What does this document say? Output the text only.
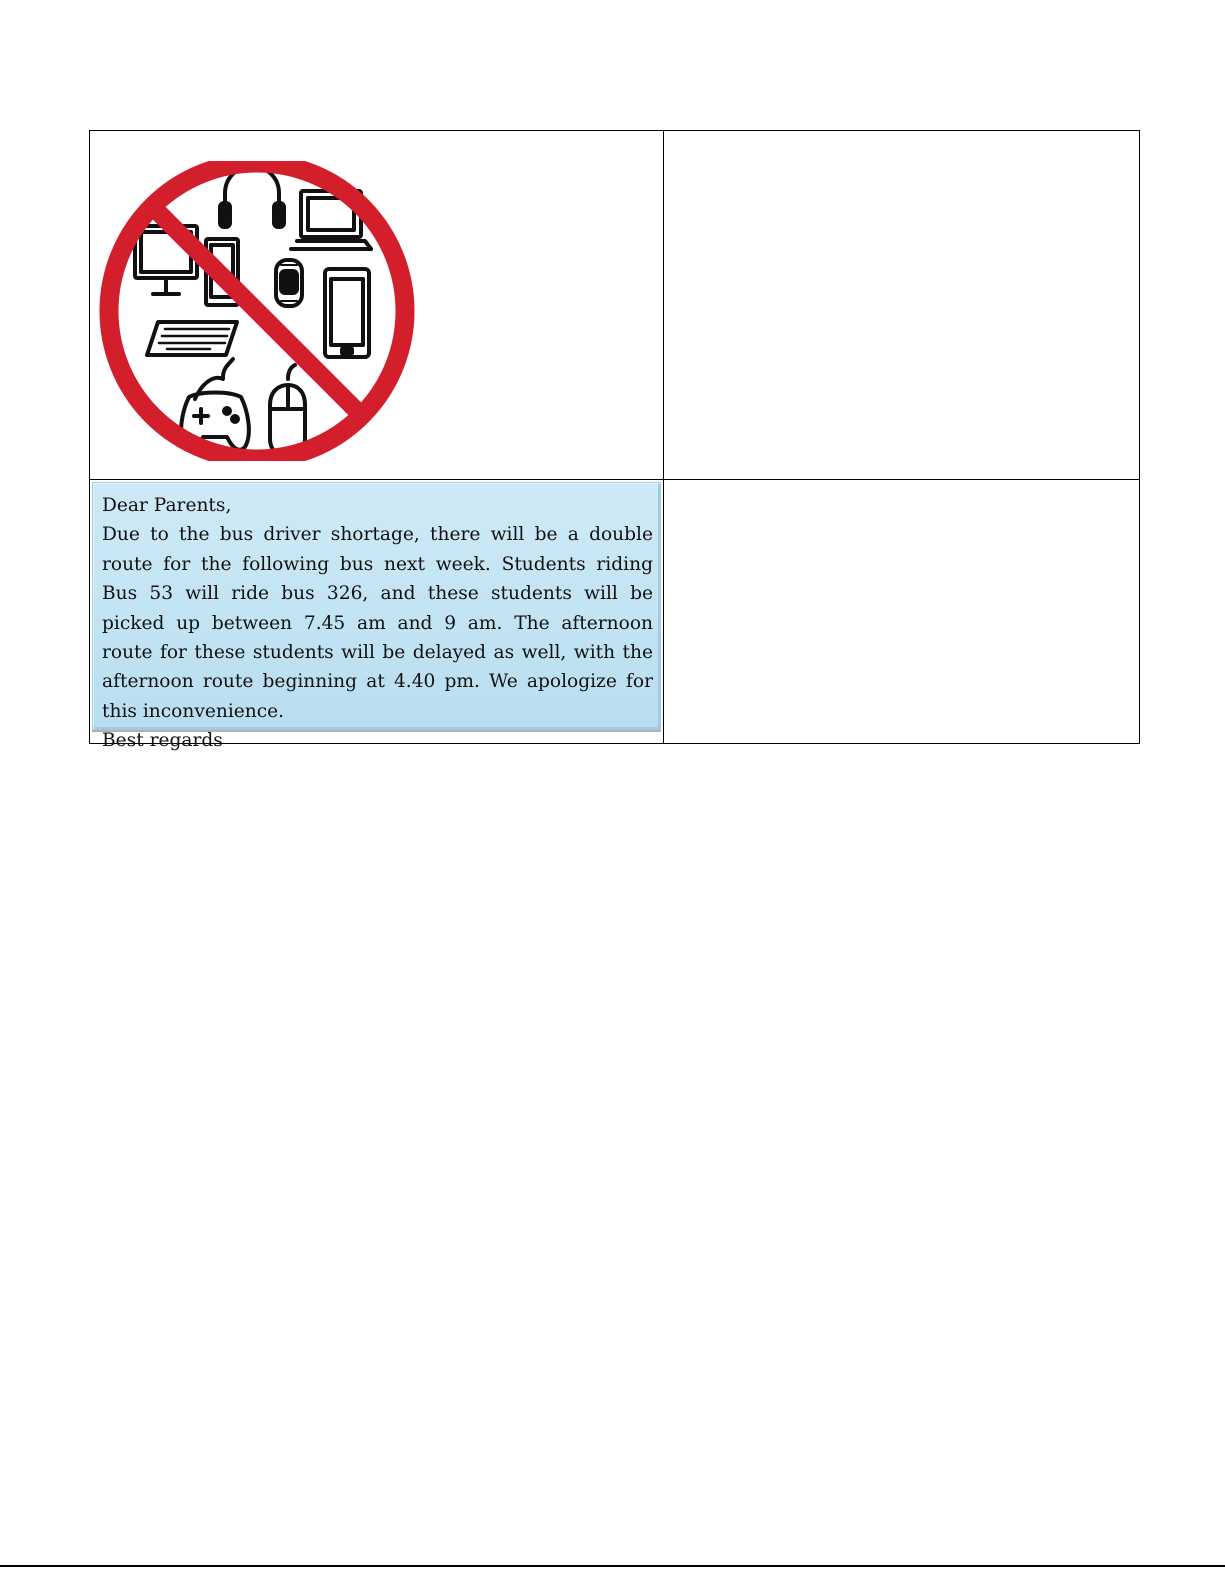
Dear Parents,
Due to the bus driver shortage, there will be a double route for the following bus next week. Students riding Bus 53 will ride bus 326, and these students will be picked up between 7.45 am and 9 am. The afternoon route for these students will be delayed as well, with the afternoon route beginning at 4.40 pm. We apologize for this inconvenience.
Best regards
